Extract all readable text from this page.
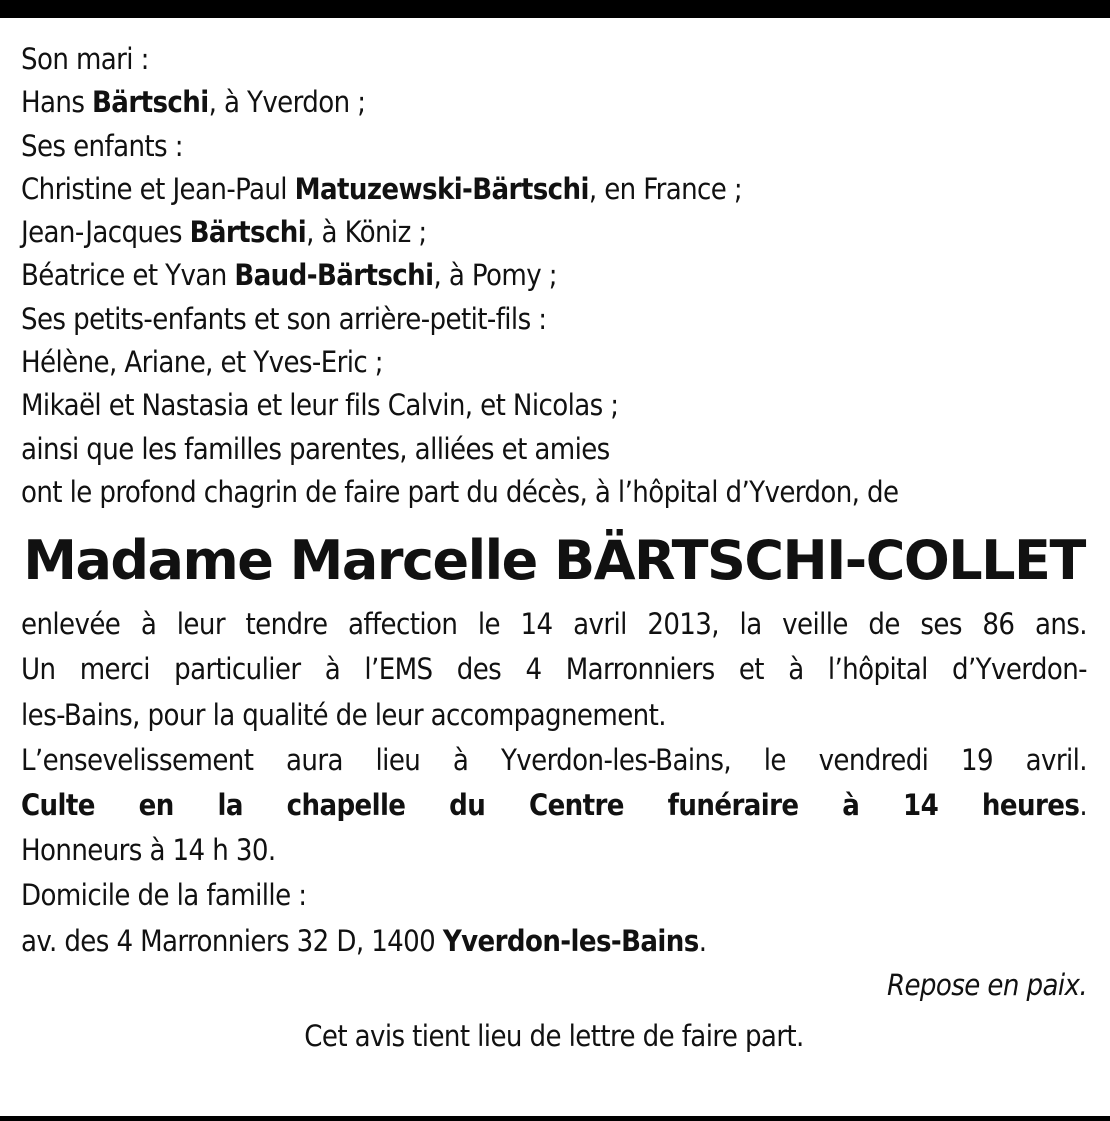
Son mari :
Hans Bärtschi, à Yverdon ;
Ses enfants :
Christine et Jean-Paul Matuzewski-Bärtschi, en France ;
Jean-Jacques Bärtschi, à Köniz ;
Béatrice et Yvan Baud-Bärtschi, à Pomy ;
Ses petits-enfants et son arrière-petit-fils :
Hélène, Ariane, et Yves-Eric ;
Mikaël et Nastasia et leur fils Calvin, et Nicolas ;
ainsi que les familles parentes, alliées et amies
ont le profond chagrin de faire part du décès, à l’hôpital d’Yverdon, de
Madame Marcelle BÄRTSCHI-COLLET
enlevée à leur tendre affection le 14 avril 2013, la veille de ses 86 ans.
Un merci particulier à l’EMS des 4 Marronniers et à l’hôpital d’Yverdon-
les-Bains, pour la qualité de leur accompagnement.
L’ensevelissement aura lieu à Yverdon-les-Bains, le vendredi 19 avril.
Culte en la chapelle du Centre funéraire à 14 heures.
Honneurs à 14 h 30.
Domicile de la famille :
av. des 4 Marronniers 32 D, 1400 Yverdon-les-Bains.
Repose en paix.
Cet avis tient lieu de lettre de faire part.
